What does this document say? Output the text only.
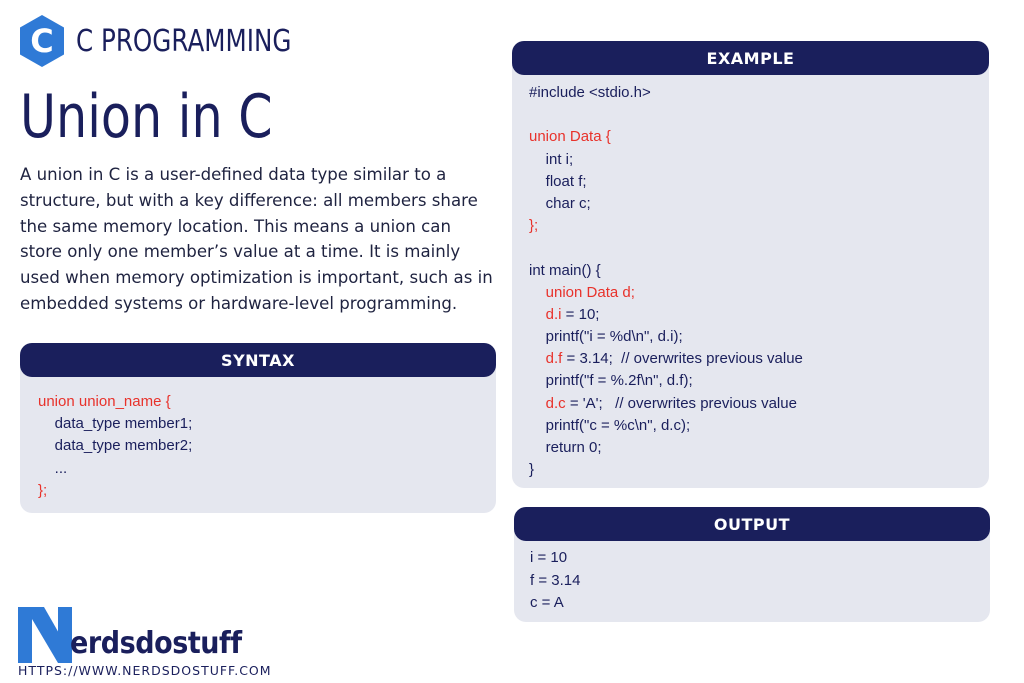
C C PROGRAMMING
Union in C

A union in C is a user-defined data type similar to a structure, but with a key difference: all members share the same memory location. This means a union can store only one member’s value at a time. It is mainly used when memory optimization is important, such as in embedded systems or hardware-level programming.

SYNTAX
union union_name {
data_type member1;
data_type member2;
...
};
EXAMPLE
#include <stdio.h>
union Data {
int i;
float f;
char c;
};
int main() {
union Data d;
d.i = 10;
printf("i = %d\n", d.i);
d.f = 3.14;  // overwrites previous value
printf("f = %.2f\n", d.f);
d.c = 'A';   // overwrites previous value
printf("c = %c\n", d.c);
return 0;
}
OUTPUT
i = 10
f = 3.14
c = A
erdsdostuff
HTTPS://WWW.NERDSDOSTUFF.COM
